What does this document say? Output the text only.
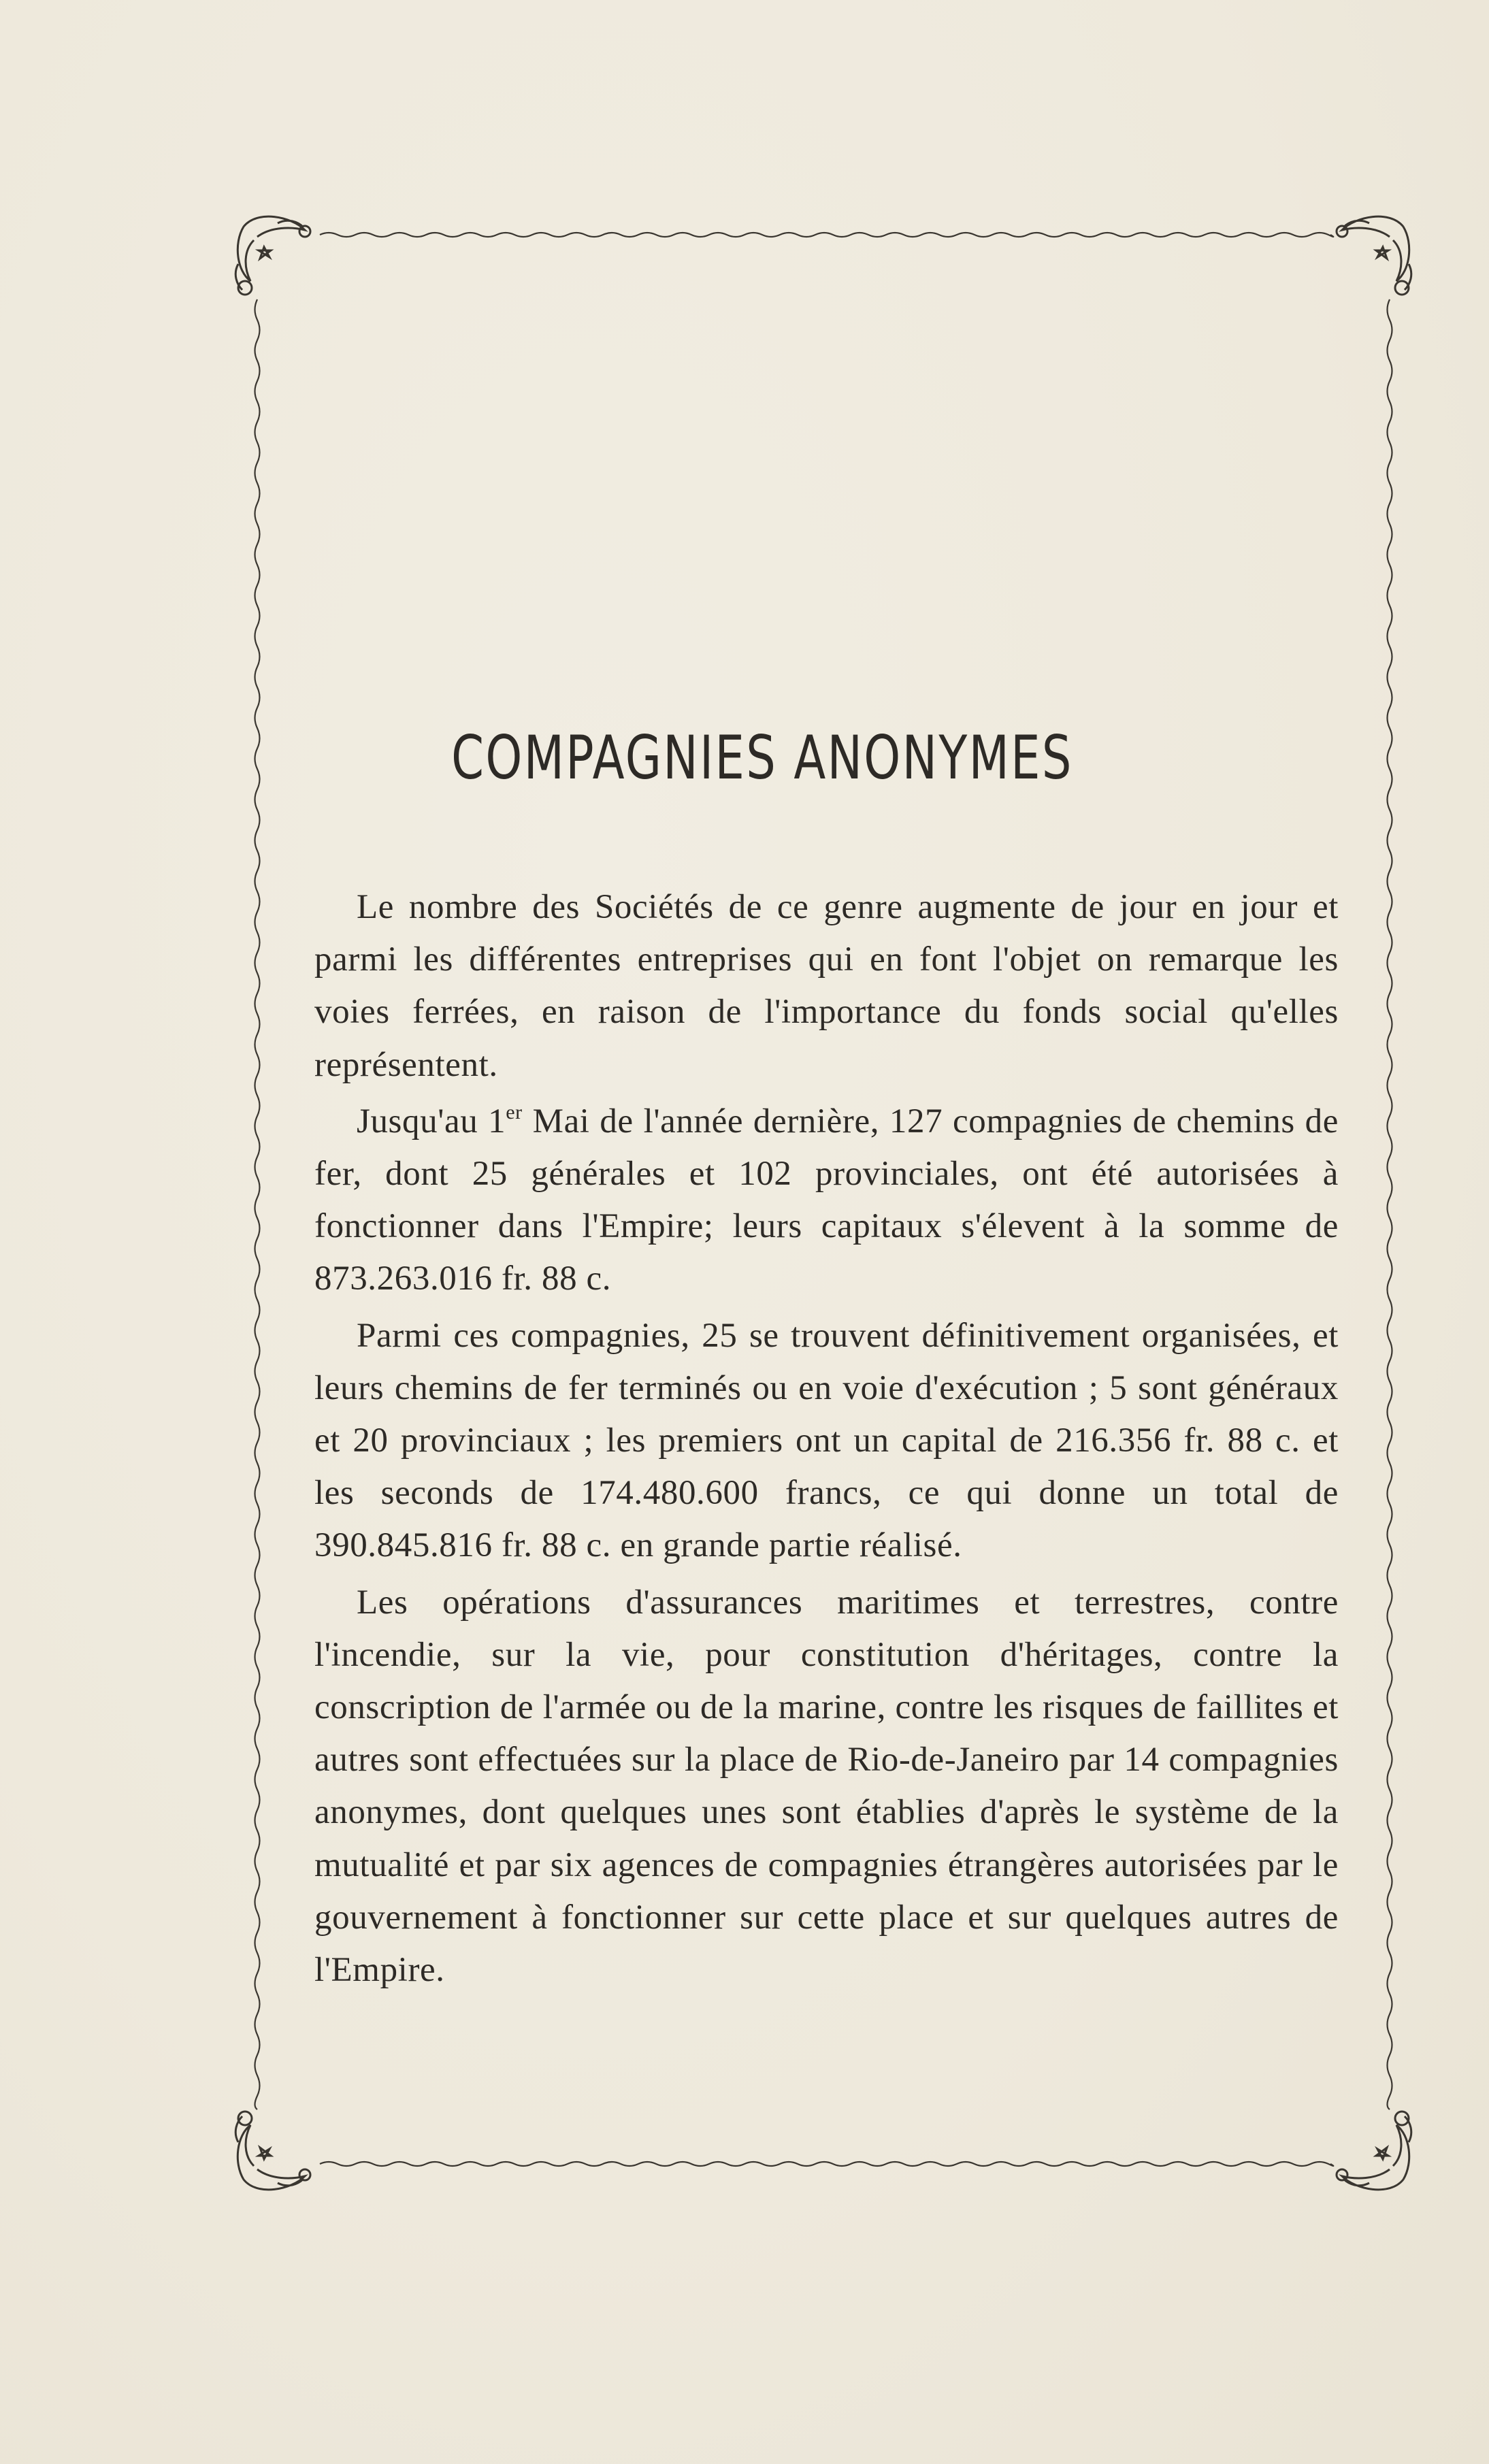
COMPAGNIES ANONYMES

Le nombre des Sociétés de ce genre augmente de jour en jour et parmi les différentes entreprises qui en font l'objet on remarque les voies ferrées, en raison de l'importance du fonds social qu'elles représentent.

Jusqu'au 1er Mai de l'année dernière, 127 compagnies de chemins de fer, dont 25 générales et 102 provinciales, ont été autorisées à fonctionner dans l'Empire; leurs capitaux s'élevent à la somme de 873.263.016 fr. 88 c.

Parmi ces compagnies, 25 se trouvent définitivement organisées, et leurs chemins de fer terminés ou en voie d'exécution ; 5 sont généraux et 20 provinciaux ; les premiers ont un capital de 216.356 fr. 88 c. et les seconds de 174.480.600 francs, ce qui donne un total de 390.845.816 fr. 88 c. en grande partie réalisé.

Les opérations d'assurances maritimes et terrestres, contre l'incendie, sur la vie, pour constitution d'héritages, contre la conscription de l'armée ou de la marine, contre les risques de faillites et autres sont effectuées sur la place de Rio-de-Janeiro par 14 compagnies anonymes, dont quelques unes sont établies d'après le système de la mutualité et par six agences de compagnies étrangères autorisées par le gouvernement à fonctionner sur cette place et sur quelques autres de l'Empire.
